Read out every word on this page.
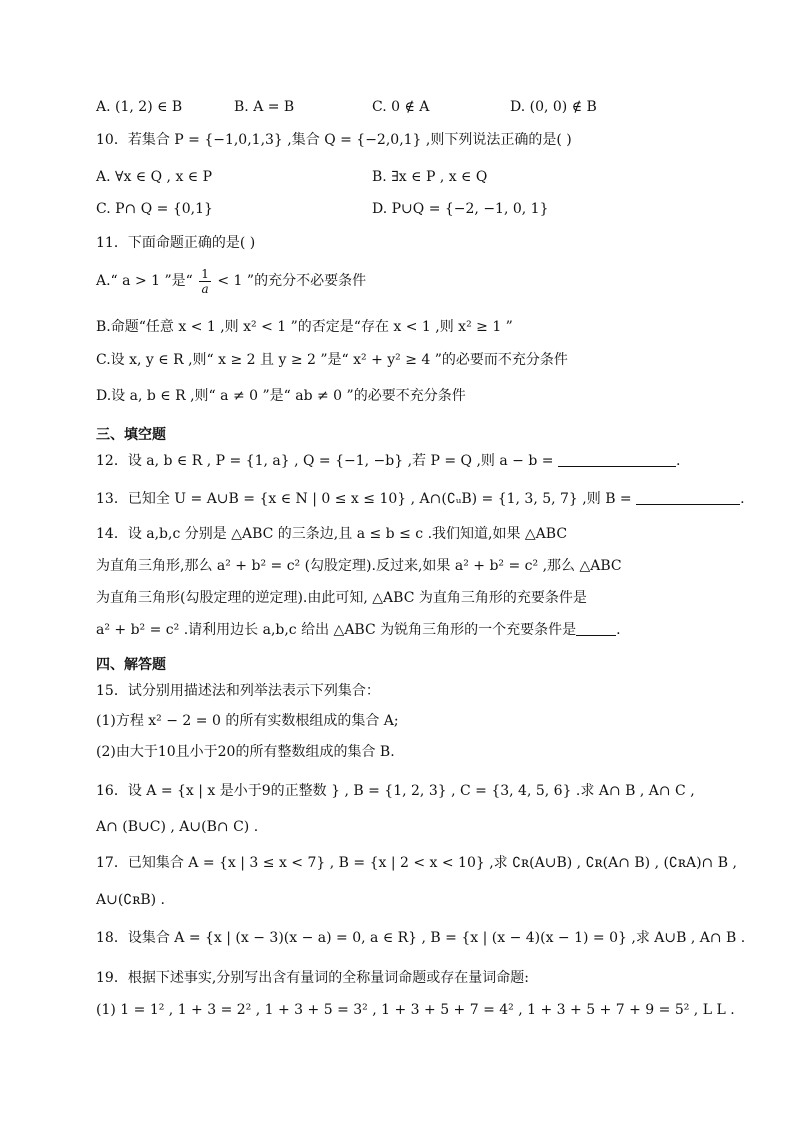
A. (1, 2) ∈ B	B. A = B	C. 0 ∉ A	D. (0, 0) ∉ B
10．若集合 P = {−1,0,1,3} ,集合 Q = {−2,0,1} ,则下列说法正确的是( )
A. ∀x ∈ Q , x ∈ P	B. ∃x ∈ P , x ∈ Q
C. P∩ Q = {0,1}	D. P∪Q = {−2, −1, 0, 1}
11．下面命题正确的是( )
A.“ a > 1 ”是“ $\frac{1}{a} < 1$ ”的充分不必要条件
B.命题“任意 x < 1 ,则 x² < 1 ”的否定是“存在 x < 1 ,则 x² ≥ 1 ”
C.设 x, y ∈ R ,则“ x ≥ 2 且 y ≥ 2 ”是“ x² + y² ≥ 4 ”的必要而不充分条件
D.设 a, b ∈ R ,则“ a ≠ 0 ”是“ ab ≠ 0 ”的必要不充分条件
三、填空题
12．设 a, b ∈ R , P = {1, a} , Q = {−1, −b} ,若 P = Q ,则 a − b =	.
13．已知全 U = A∪B = {x ∈ N | 0 ≤ x ≤ 10} , A∩(∁ᵤB) = {1, 3, 5, 7} ,则 B =	.
14．设 a,b,c 分别是 △ABC 的三条边,且 a ≤ b ≤ c .我们知道,如果 △ABC
为直角三角形,那么 a² + b² = c² (勾股定理).反过来,如果 a² + b² = c² ,那么 △ABC
为直角三角形(勾股定理的逆定理).由此可知, △ABC 为直角三角形的充要条件是
a² + b² = c² .请利用边长 a,b,c 给出 △ABC 为锐角三角形的一个充要条件是	.
四、解答题
15．试分别用描述法和列举法表示下列集合：
(1)方程 x² − 2 = 0 的所有实数根组成的集合 A;
(2)由大于10且小于20的所有整数组成的集合 B.
16．设 A = {x | x 是小于9的正整数 } , B = {1, 2, 3} , C = {3, 4, 5, 6} .求 A∩ B , A∩ C ,
A∩ (B∪C) , A∪(B∩ C) .
17．已知集合 A = {x | 3 ≤ x < 7} , B = {x | 2 < x < 10} ,求 ∁ʀ(A∪B) , ∁ʀ(A∩ B) , (∁ʀA)∩ B ,
A∪(∁ʀB) .
18．设集合 A = {x | (x − 3)(x − a) = 0, a ∈ R} , B = {x | (x − 4)(x − 1) = 0} ,求 A∪B , A∩ B .
19．根据下述事实,分别写出含有量词的全称量词命题或存在量词命题:
(1) 1 = 1² , 1 + 3 = 2² , 1 + 3 + 5 = 3² , 1 + 3 + 5 + 7 = 4² , 1 + 3 + 5 + 7 + 9 = 5² , L L .
